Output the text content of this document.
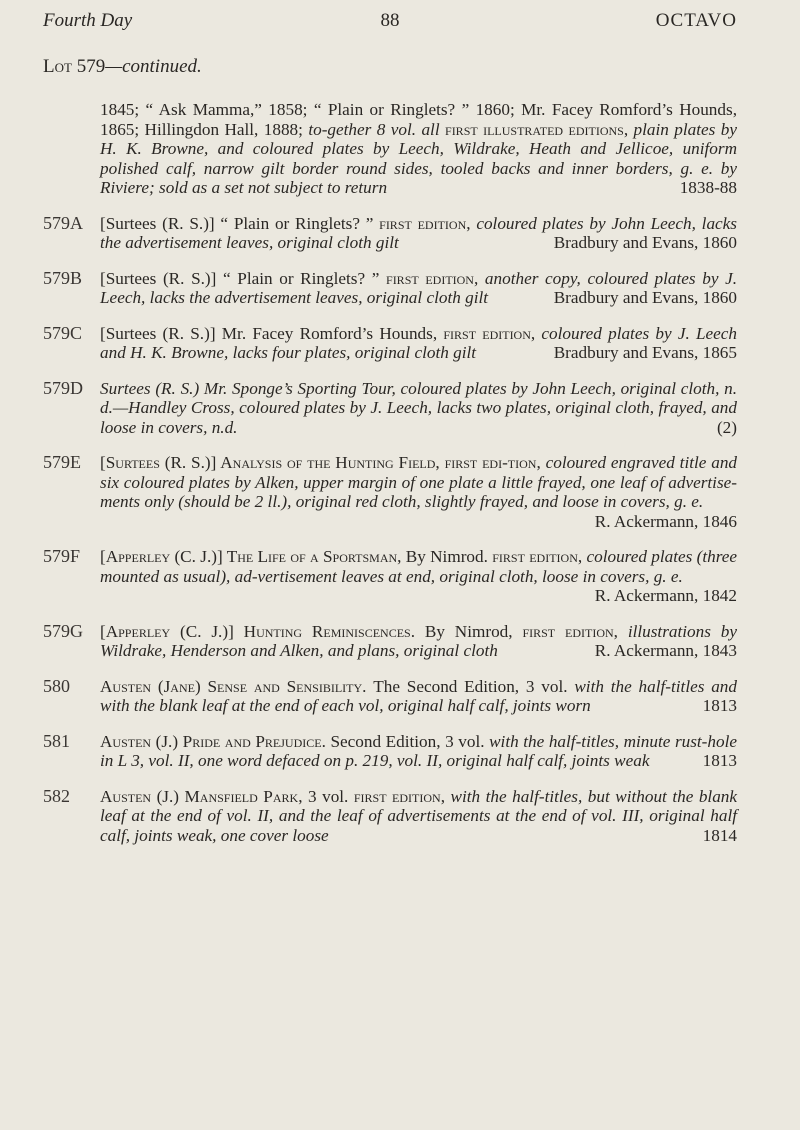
Fourth Day	88	OCTAVO
Lot 579—continued.
1845; “ Ask Mamma,” 1858; “ Plain or Ringlets? ” 1860; Mr. Facey Romford’s Hounds, 1865; Hillingdon Hall, 1888; to-gether 8 vol. all first illustrated editions, plain plates by H. K. Browne, and coloured plates by Leech, Wildrake, Heath and Jellicoe, uniform polished calf, narrow gilt border round sides, tooled backs and inner borders, g. e. by Riviere; sold as a set not subject to return	1838-88
579A [Surtees (R. S.)] “ Plain or Ringlets? ” first edition, coloured plates by John Leech, lacks the advertisement leaves, original cloth gilt	Bradbury and Evans, 1860
579B	[Surtees (R. S.)] “ Plain or Ringlets? ” first edition, another copy, coloured plates by J. Leech, lacks the advertisement leaves, original cloth gilt	Bradbury and Evans, 1860
579C	[Surtees (R. S.)] Mr. Facey Romford’s Hounds, first edition, coloured plates by J. Leech and H. K. Browne, lacks four plates, original cloth gilt	Bradbury and Evans, 1865
579D Surtees (R. S.) Mr. Sponge’s Sporting Tour, coloured plates by John Leech, original cloth, n. d.—Handley Cross, coloured plates by J. Leech, lacks two plates, original cloth, frayed, and loose in covers, n.d.	(2)
579E	[Surtees (R. S.)] Analysis of the Hunting Field, first edi-tion, coloured engraved title and six coloured plates by Alken, upper margin of one plate a little frayed, one leaf of advertise-ments only (should be 2 ll.), original red cloth, slightly frayed, and loose in covers, g. e.
R. Ackermann, 1846
579F	[Apperley (C. J.)] The Life of a Sportsman, By Nimrod. first edition, coloured plates (three mounted as usual), ad-vertisement leaves at end, original cloth, loose in covers, g. e.
R. Ackermann, 1842
579G [Apperley (C. J.)] Hunting Reminiscences. By Nimrod, first edition, illustrations by Wildrake, Henderson and Alken, and plans, original cloth	R. Ackermann, 1843
580	Austen (Jane) Sense and Sensibility. The Second Edition, 3 vol. with the half-titles and with the blank leaf at the end of each vol, original half calf, joints worn	1813
581	Austen (J.) Pride and Prejudice. Second Edition, 3 vol. with the half-titles, minute rust-hole in L 3, vol. II, one word defaced on p. 219, vol. II, original half calf, joints weak	1813
582	Austen (J.) Mansfield Park, 3 vol. first edition, with the half-titles, but without the blank leaf at the end of vol. II, and the leaf of advertisements at the end of vol. III, original half calf, joints weak, one cover loose	1814
